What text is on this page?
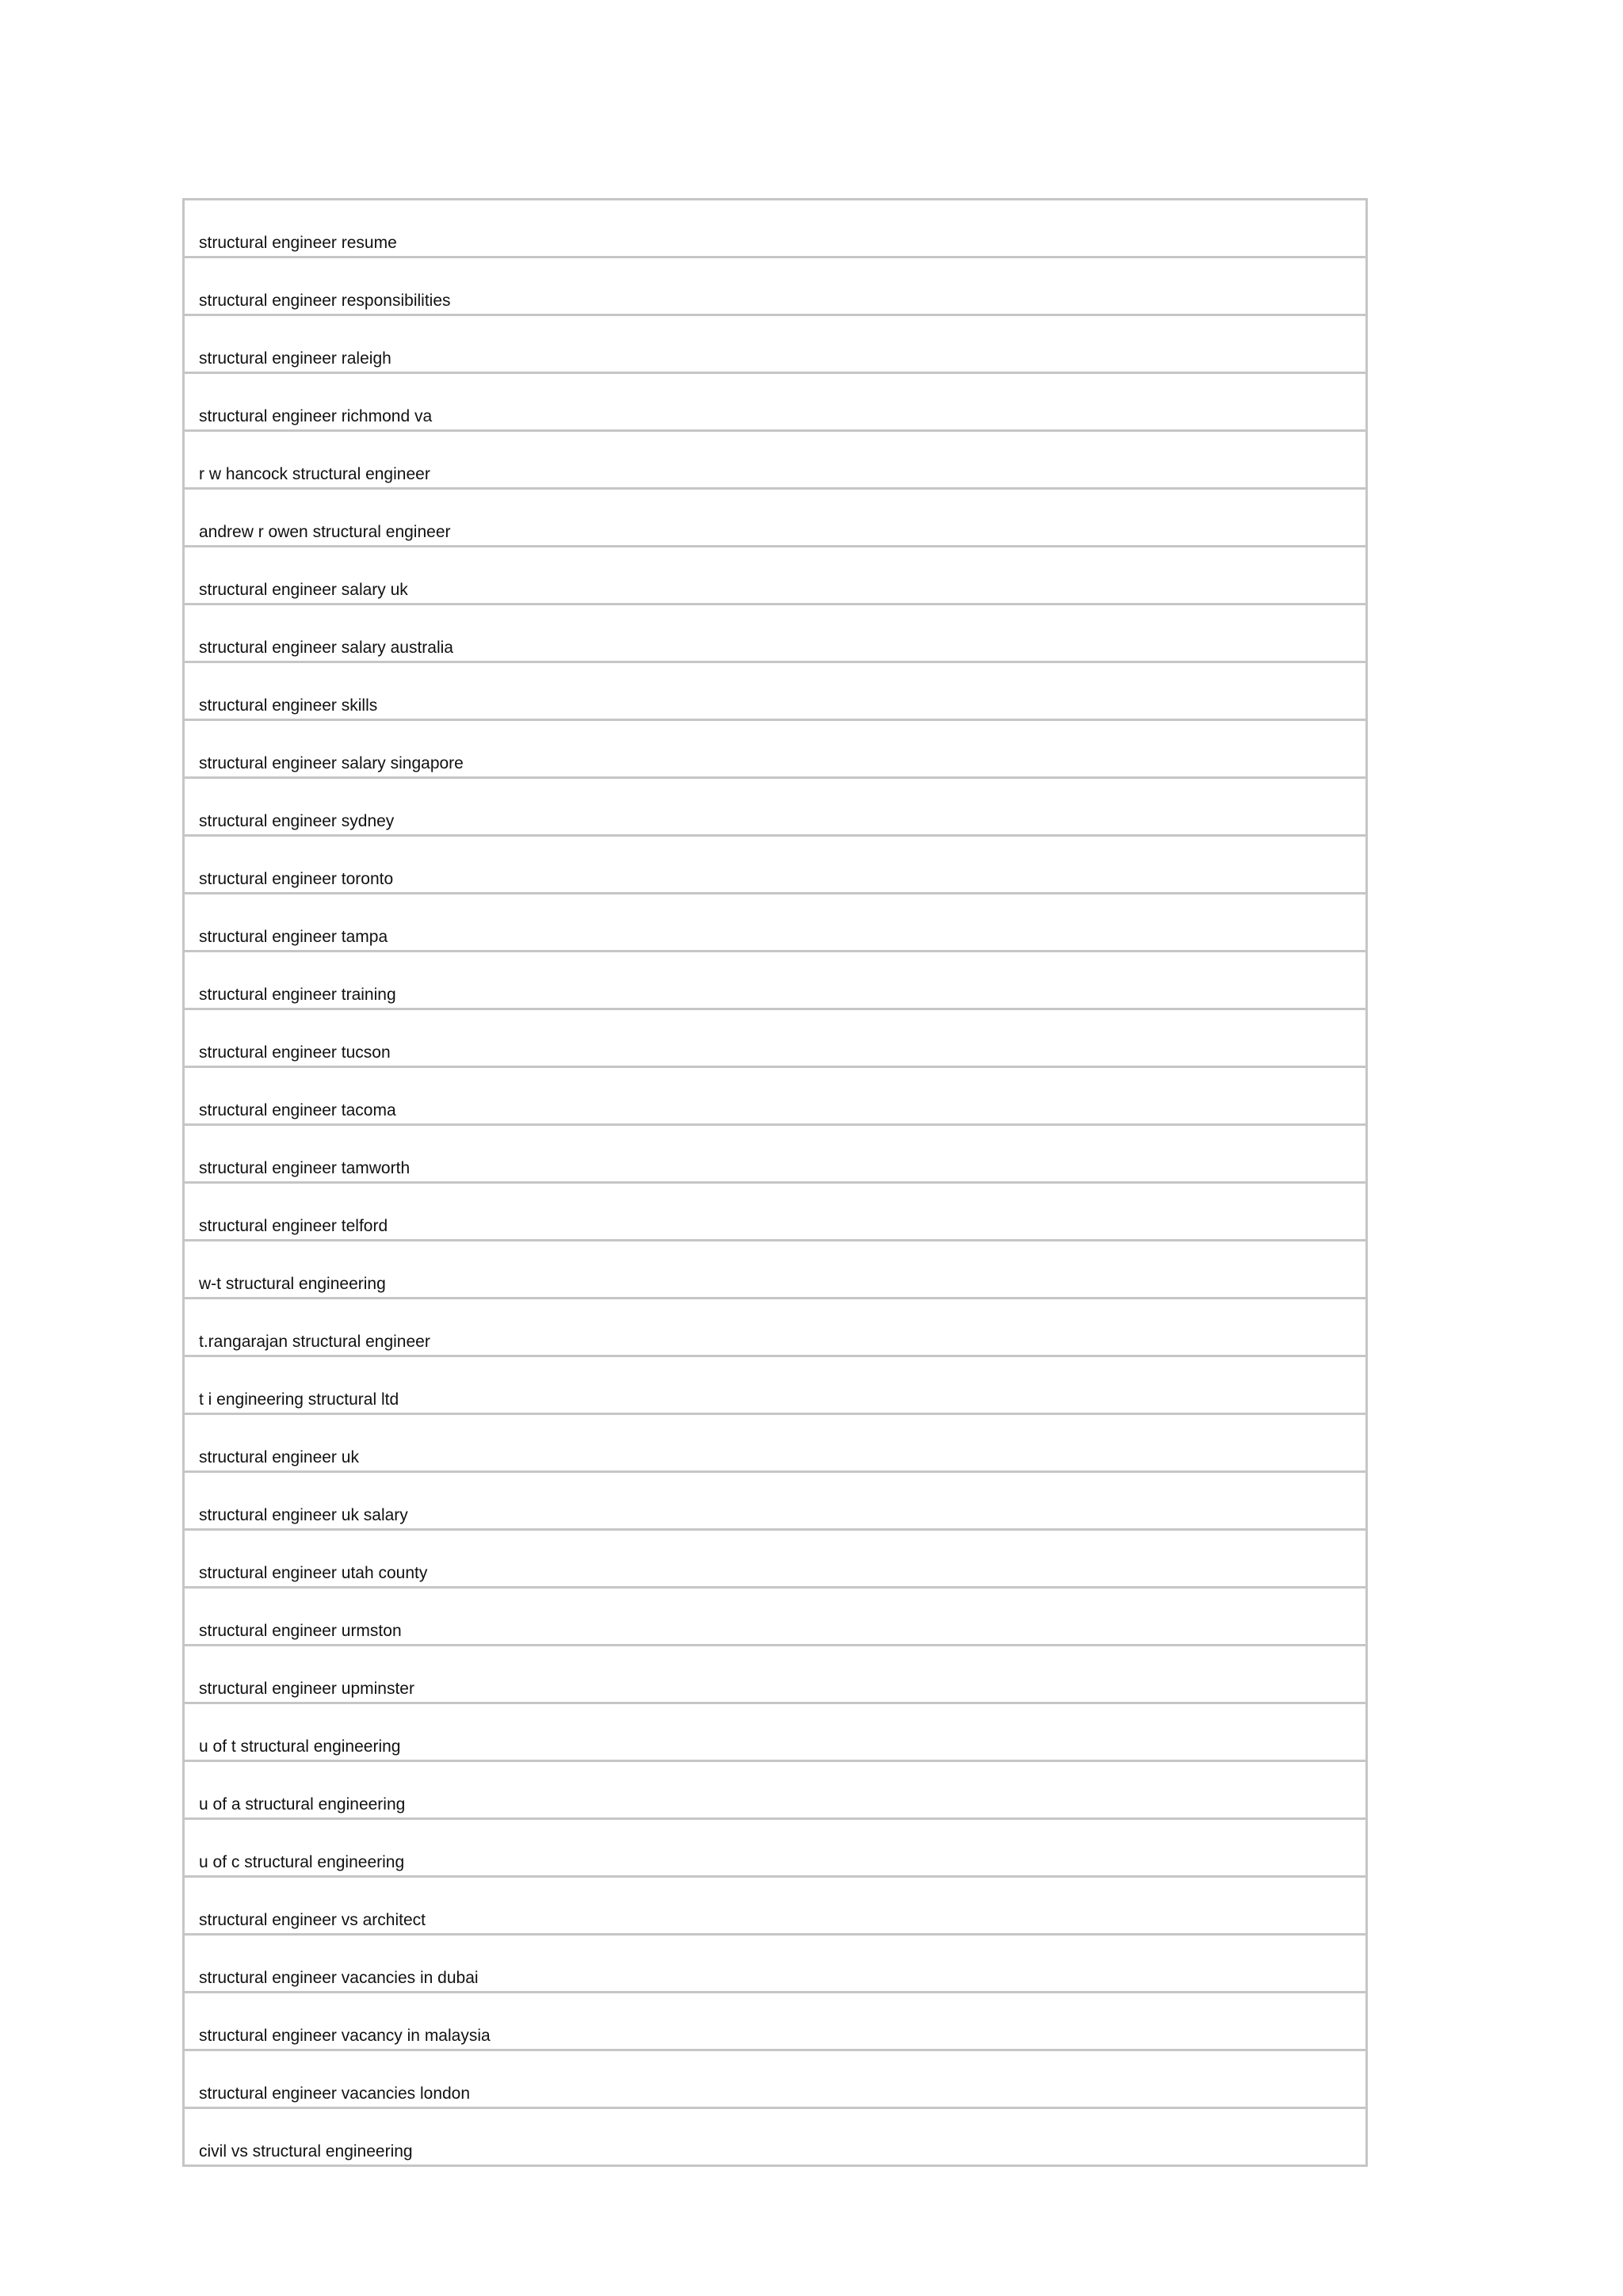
structural engineer resume
structural engineer responsibilities
structural engineer raleigh
structural engineer richmond va
r w hancock structural engineer
andrew r owen structural engineer
structural engineer salary uk
structural engineer salary australia
structural engineer skills
structural engineer salary singapore
structural engineer sydney
structural engineer toronto
structural engineer tampa
structural engineer training
structural engineer tucson
structural engineer tacoma
structural engineer tamworth
structural engineer telford
w-t structural engineering
t.rangarajan structural engineer
t i engineering structural ltd
structural engineer uk
structural engineer uk salary
structural engineer utah county
structural engineer urmston
structural engineer upminster
u of t structural engineering
u of a structural engineering
u of c structural engineering
structural engineer vs architect
structural engineer vacancies in dubai
structural engineer vacancy in malaysia
structural engineer vacancies london
civil vs structural engineering
